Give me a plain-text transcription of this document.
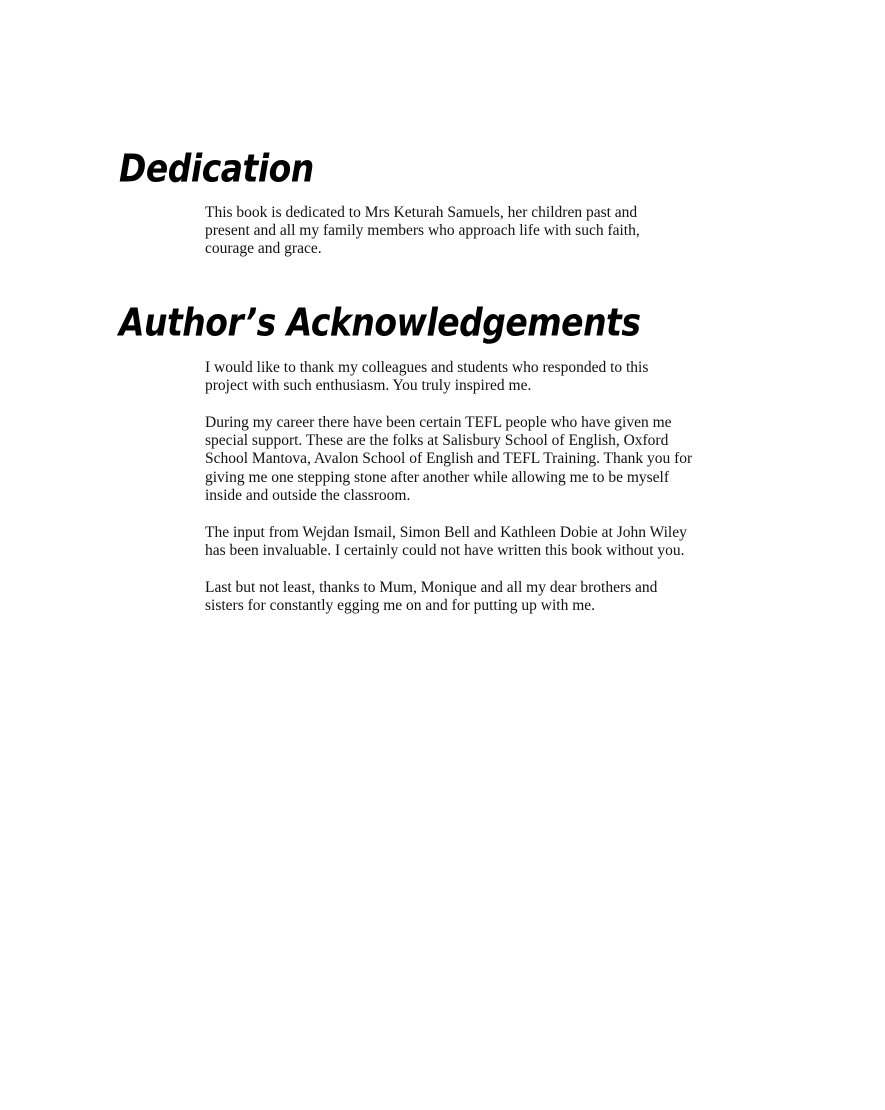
Dedication

This book is dedicated to Mrs Keturah Samuels, her children past and
present and all my family members who approach life with such faith,
courage and grace.

Author’s Acknowledgements

I would like to thank my colleagues and students who responded to this
project with such enthusiasm. You truly inspired me.

During my career there have been certain TEFL people who have given me
special support. These are the folks at Salisbury School of English, Oxford
School Mantova, Avalon School of English and TEFL Training. Thank you for
giving me one stepping stone after another while allowing me to be myself
inside and outside the classroom.

The input from Wejdan Ismail, Simon Bell and Kathleen Dobie at John Wiley
has been invaluable. I certainly could not have written this book without you.

Last but not least, thanks to Mum, Monique and all my dear brothers and
sisters for constantly egging me on and for putting up with me.
